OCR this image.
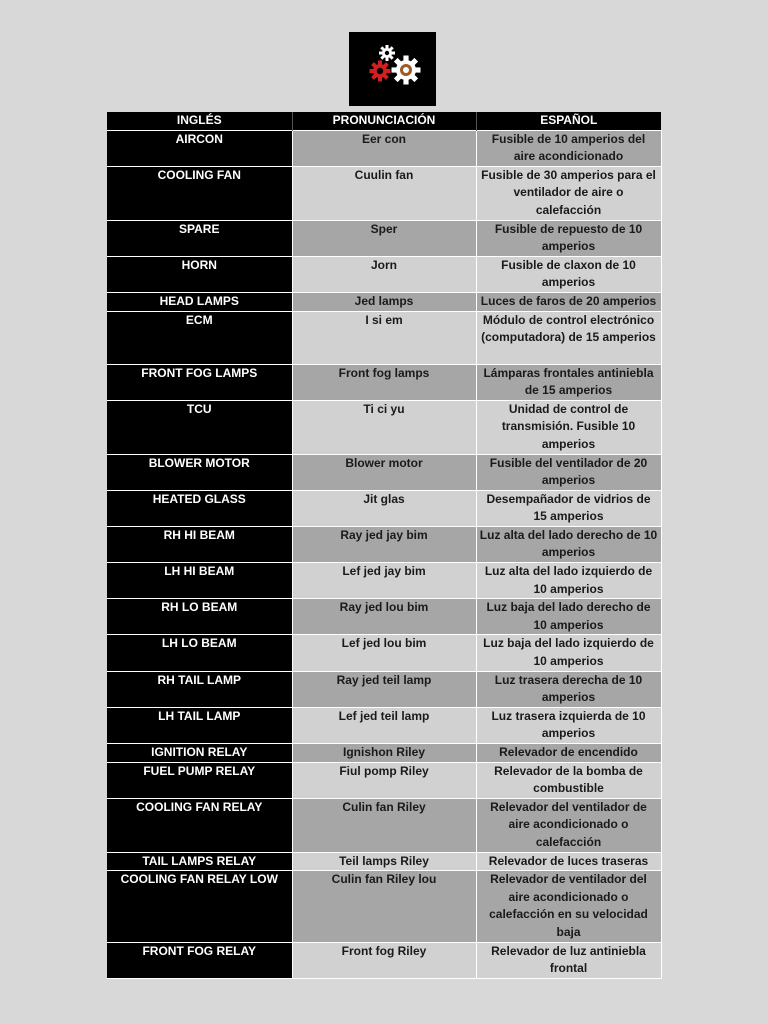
INGLÉS	PRONUNCIACIÓN	ESPAÑOL
AIRCON	Eer con	Fusible de 10 amperios del aire acondicionado
COOLING FAN	Cuulin fan	Fusible de 30 amperios para el ventilador de aire o calefacción
SPARE	Sper	Fusible de repuesto de 10 amperios
HORN	Jorn	Fusible de claxon de 10 amperios
HEAD LAMPS	Jed lamps	Luces de faros de 20 amperios
ECM	I si em	Módulo de control electrónico (computadora) de 15 amperios
FRONT FOG LAMPS	Front fog lamps	Lámparas frontales antiniebla de 15 amperios
TCU	Ti ci yu	Unidad de control de transmisión. Fusible 10 amperios
BLOWER MOTOR	Blower motor	Fusible del ventilador de 20 amperios
HEATED GLASS	Jit glas	Desempañador de vidrios de 15 amperios
RH HI BEAM	Ray jed jay bim	Luz alta del lado derecho de 10 amperios
LH HI BEAM	Lef jed jay bim	Luz alta del lado izquierdo de 10 amperios
RH LO BEAM	Ray jed lou bim	Luz baja del lado derecho de 10 amperios
LH LO BEAM	Lef jed lou bim	Luz baja del lado izquierdo de 10 amperios
RH TAIL LAMP	Ray jed teil lamp	Luz trasera derecha de 10 amperios
LH TAIL LAMP	Lef jed teil lamp	Luz trasera izquierda de 10 amperios
IGNITION RELAY	Ignishon Riley	Relevador de encendido
FUEL PUMP RELAY	Fiul pomp Riley	Relevador de la bomba de combustible
COOLING FAN RELAY	Culin fan Riley	Relevador del ventilador de aire acondicionado o calefacción
TAIL LAMPS RELAY	Teil lamps Riley	Relevador de luces traseras
COOLING FAN RELAY LOW	Culin fan Riley lou	Relevador de ventilador del aire acondicionado o calefacción en su velocidad baja
FRONT FOG RELAY	Front fog Riley	Relevador de luz antiniebla frontal
